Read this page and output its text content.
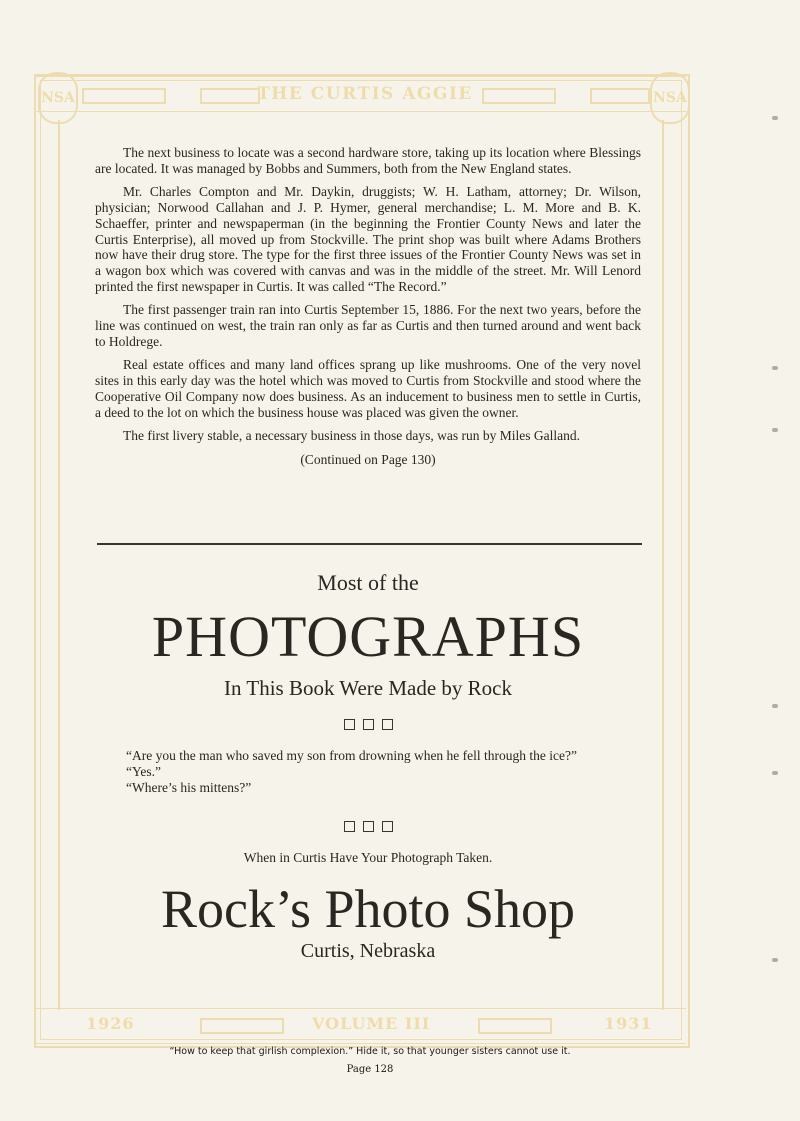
NSA	NSA
THE CURTIS AGGIE
1926	VOLUME III	1931

The next business to locate was a second hardware store, taking up its location where Blessings are located. It was managed by Bobbs and Summers, both from the New England states.

Mr. Charles Compton and Mr. Daykin, druggists; W. H. Latham, attorney; Dr. Wilson, physician; Norwood Callahan and J. P. Hymer, general merchandise; L. M. More and B. K. Schaeffer, printer and newspaperman (in the beginning the Frontier County News and later the Curtis Enterprise), all moved up from Stockville. The print shop was built where Adams Brothers now have their drug store. The type for the first three issues of the Frontier County News was set in a wagon box which was covered with canvas and was in the middle of the street. Mr. Will Lenord printed the first newspaper in Curtis. It was called “The Record.”

The first passenger train ran into Curtis September 15, 1886. For the next two years, before the line was continued on west, the train ran only as far as Curtis and then turned around and went back to Holdrege.

Real estate offices and many land offices sprang up like mushrooms. One of the very novel sites in this early day was the hotel which was moved to Curtis from Stockville and stood where the Cooperative Oil Company now does business. As an inducement to business men to settle in Curtis, a deed to the lot on which the business house was placed was given the owner.

The first livery stable, a necessary business in those days, was run by Miles Galland.

(Continued on Page 130)

Most of the
PHOTOGRAPHS
In This Book Were Made by Rock

“Are you the man who saved my son from drowning when he fell through the ice?”

“Yes.”

“Where’s his mittens?”

When in Curtis Have Your Photograph Taken.
Rock’s Photo Shop
Curtis, Nebraska
“How to keep that girlish complexion.” Hide it, so that younger sisters cannot use it.
Page 128
